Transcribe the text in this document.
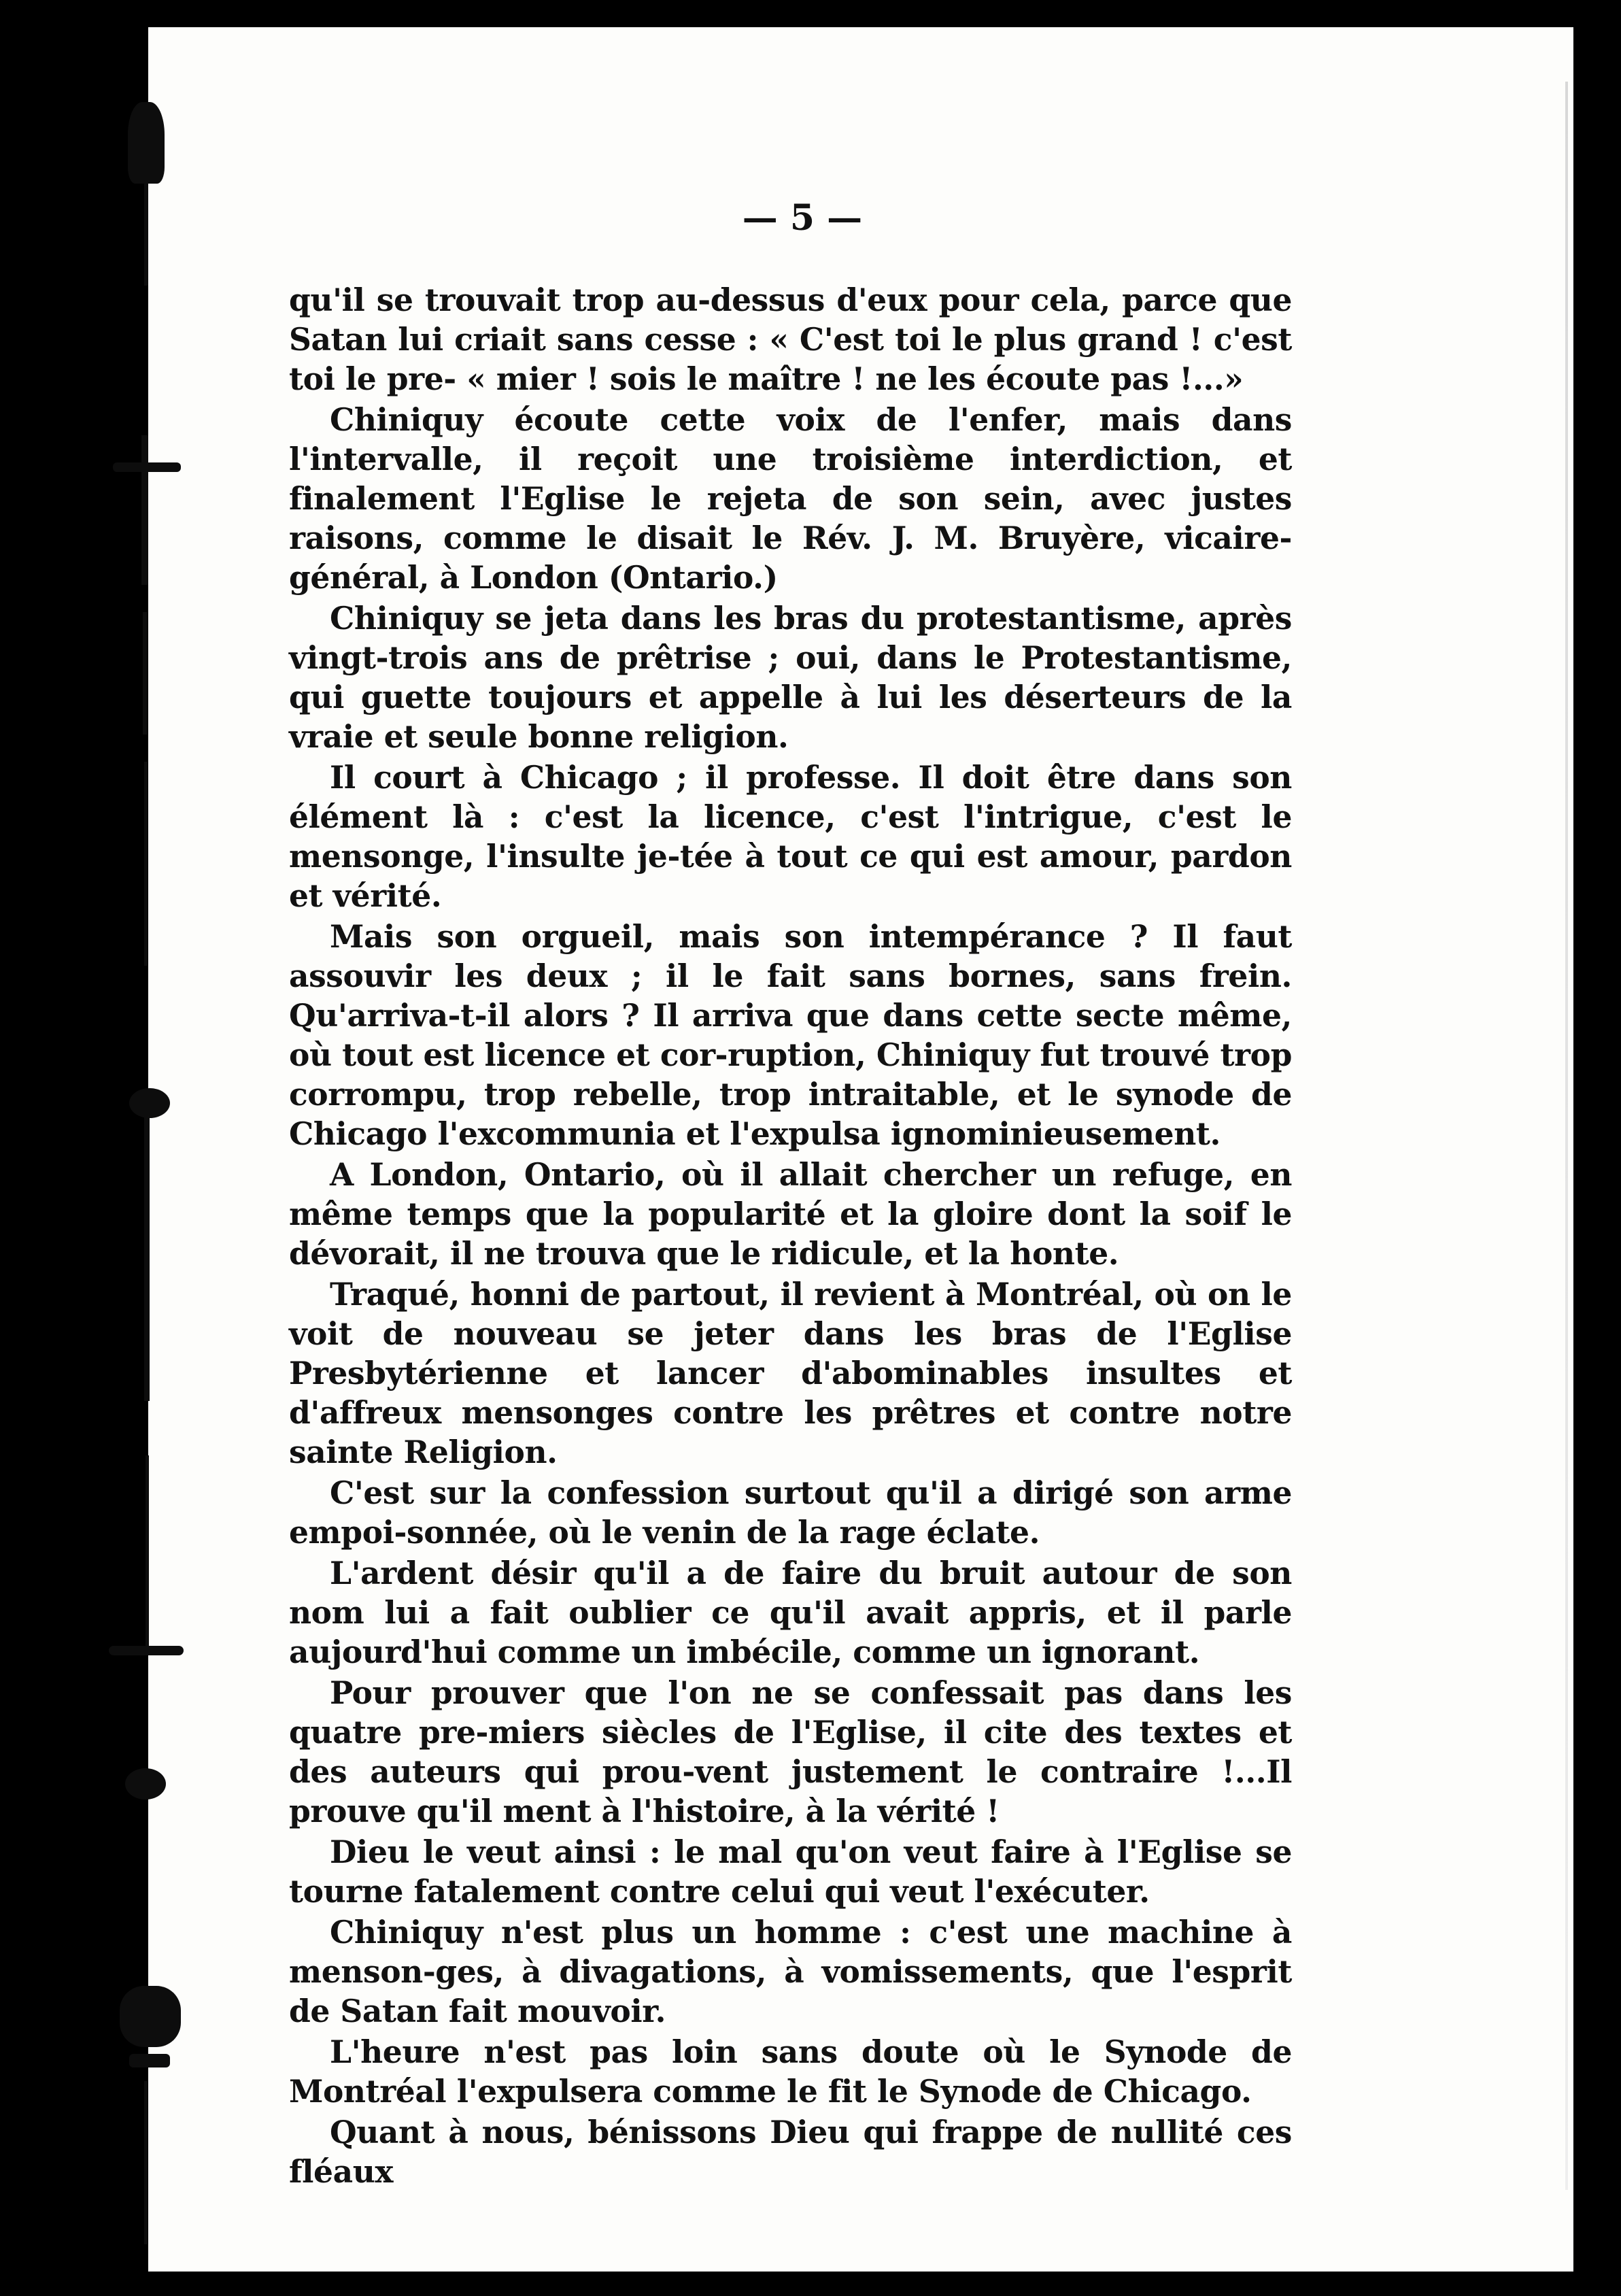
— 5 —

qu'il se trouvait trop au-dessus d'eux pour cela, parce que Satan lui criait sans cesse : « C'est toi le plus grand ! c'est toi le pre- « mier ! sois le maître ! ne les écoute pas !...»

Chiniquy écoute cette voix de l'enfer, mais dans l'intervalle, il reçoit une troisième interdiction, et finalement l'Eglise le rejeta de son sein, avec justes raisons, comme le disait le Rév. J. M. Bruyère, vicaire-général, à London (Ontario.)

Chiniquy se jeta dans les bras du protestantisme, après vingt-trois ans de prêtrise ; oui, dans le Protestantisme, qui guette toujours et appelle à lui les déserteurs de la vraie et seule bonne religion.

Il court à Chicago ; il professe. Il doit être dans son élément là : c'est la licence, c'est l'intrigue, c'est le mensonge, l'insulte je-tée à tout ce qui est amour, pardon et vérité.

Mais son orgueil, mais son intempérance ? Il faut assouvir les deux ; il le fait sans bornes, sans frein. Qu'arriva-t-il alors ? Il arriva que dans cette secte même, où tout est licence et cor-ruption, Chiniquy fut trouvé trop corrompu, trop rebelle, trop intraitable, et le synode de Chicago l'excommunia et l'expulsa ignominieusement.

A London, Ontario, où il allait chercher un refuge, en même temps que la popularité et la gloire dont la soif le dévorait, il ne trouva que le ridicule, et la honte.

Traqué, honni de partout, il revient à Montréal, où on le voit de nouveau se jeter dans les bras de l'Eglise Presbytérienne et lancer d'abominables insultes et d'affreux mensonges contre les prêtres et contre notre sainte Religion.

C'est sur la confession surtout qu'il a dirigé son arme empoi-sonnée, où le venin de la rage éclate.

L'ardent désir qu'il a de faire du bruit autour de son nom lui a fait oublier ce qu'il avait appris, et il parle aujourd'hui comme un imbécile, comme un ignorant.

Pour prouver que l'on ne se confessait pas dans les quatre pre-miers siècles de l'Eglise, il cite des textes et des auteurs qui prou-vent justement le contraire !...Il prouve qu'il ment à l'histoire, à la vérité !

Dieu le veut ainsi : le mal qu'on veut faire à l'Eglise se tourne fatalement contre celui qui veut l'exécuter.

Chiniquy n'est plus un homme : c'est une machine à menson-ges, à divagations, à vomissements, que l'esprit de Satan fait mouvoir.

L'heure n'est pas loin sans doute où le Synode de Montréal l'expulsera comme le fit le Synode de Chicago.

Quant à nous, bénissons Dieu qui frappe de nullité ces fléaux
